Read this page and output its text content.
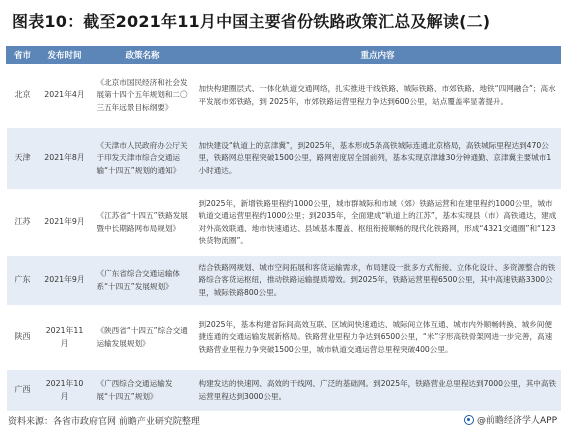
图表10：截至2021年11月中国主要省份铁路政策汇总及解读(二)
省市	发布时间	政策名称	重点内容
北京	2021年4月	《北京市国民经济和社会发展第十四个五年规划和二〇三五年远景目标纲要》	加快构建圈层式、一体化轨道交通网络，扎实推进干线铁路、城际铁路、市郊铁路、地铁“四网融合”；高水平发展市郊铁路，到 2025年，市郊铁路运营里程力争达到600公里，站点覆盖率显著提升。
天津	2021年8月	《天津市人民政府办公厅关于印发天津市综合交通运输“十四五”规划的通知》	加快建设“轨道上的京津冀”，到2025年，基本形成5条高铁城际连通北京格局，高铁城际里程达到470公里，铁路网总里程突破1500公里，路网密度居全国前列，基本实现京津雄30分钟通勤、京津冀主要城市1小时通达。
江苏	2021年9月	《江苏省“十四五”铁路发展暨中长期路网布局规划》	到2025年，新增铁路里程约1000公里，城市群城际和市域（郊）铁路运营和在建里程约1000公里，城市轨道交通运营里程约1000公里；到2035年，全面建成“轨道上的江苏”，基本实现县（市）高铁通达，建成对外高效联通、地市快速通达、县域基本覆盖、枢纽衔接顺畅的现代化铁路网，形成“4321交通圈”和“123快货物流圈”。
广东	2021年9月	《广东省综合交通运输体系“十四五”发展规划》	结合铁路网规划、城市空间拓展和客货运输需求，布局建设一批多方式衔接、立体化设计、多资源整合的铁路综合客货运枢纽，推动铁路运输提质增效。到2025年，铁路运营里程6500公里，其中高速铁路3300公里，城际铁路800公里。
陕西	2021年11月	《陕西省“十四五”综合交通运输发展规划》	到2025年，基本构建省际间高效互联、区域间快速通达、城际间立体互通、城市内外顺畅转换、城乡间便捷连通的交通运输发展新格局。铁路营业里程力争达到6500公里，“米”字形高铁骨架网进一步完善，高速铁路营业里程力争突破1500公里，城市轨道交通运营总里程突破400公里。
广西	2021年10月	《广西综合交通运输发展“十四五”规划》	构建发达的快速网、高效的干线网、广泛的基础网。到2025年，铁路营业总里程达到7000公里，其中高铁运营里程达到3000公里。
资料来源：各省市政府官网 前瞻产业研究院整理	@前瞻经济学人APP
